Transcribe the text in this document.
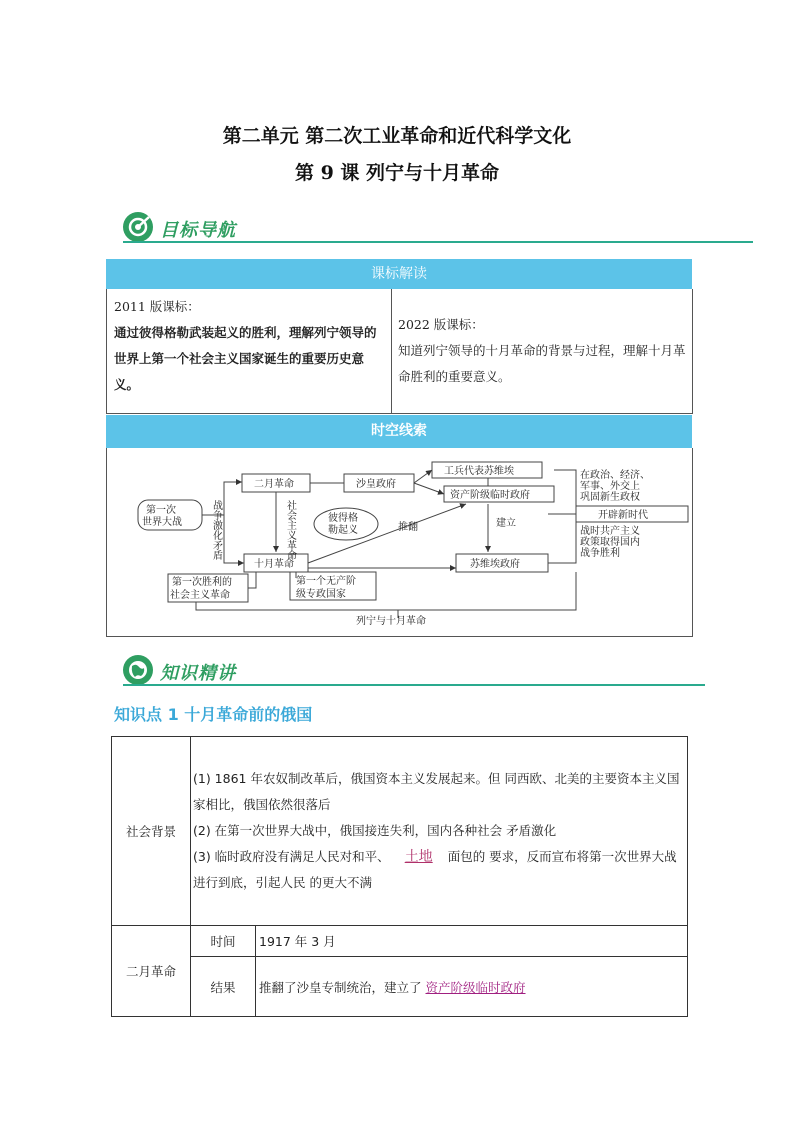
第二单元 第二次工业革命和近代科学文化
第 9 课 列宁与十月革命
目标导航
课标解读
2011 版课标：
通过彼得格勒武装起义的胜利，理解列宁领导的世界上第一个社会主义国家诞生的重要历史意义。
2022 版课标：
知道列宁领导的十月革命的背景与过程，理解十月革命胜利的重要意义。
时空线索
第一次世界大战
二月革命	沙皇政府
工兵代表苏维埃
资产阶级临时政府
彼得格勒起义
十月革命	苏维埃政府
第一次胜利的社会主义革命
第一个无产阶级专政国家
开辟新时代
列宁与十月革命
战争激化矛盾	社会主义革命	推翻	建立
在政治、经济、军事、外交上巩固新生政权
战时共产主义政策取得国内战争胜利
知识精讲
知识点 1 十月革命前的俄国
社会背景	(1) 1861 年农奴制改革后，俄国资本主义发展起来。但 同西欧、北美的主要资本主义国家相比，俄国依然很落后
(2) 在第一次世界大战中，俄国接连失利，国内各种社会 矛盾激化
(3) 临时政府没有满足人民对和平、 土地 面包的 要求，反而宣布将第一次世界大战进行到底，引起人民 的更大不满	

二月革命	时间	1917 年 3 月
	结果	推翻了沙皇专制统治，建立了 资产阶级临时政府
